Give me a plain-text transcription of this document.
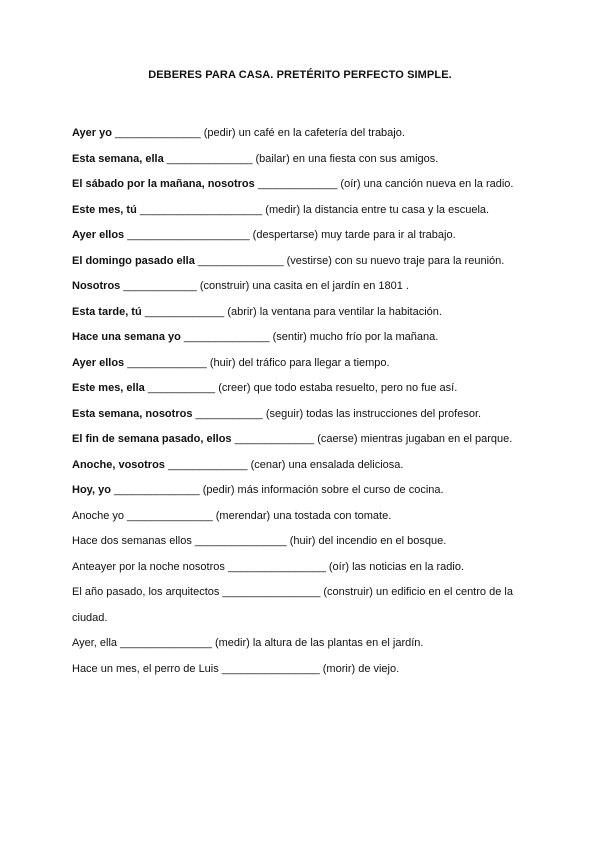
DEBERES PARA CASA. PRETÉRITO PERFECTO SIMPLE.
Ayer yo ______________ (pedir) un café en la cafetería del trabajo.
Esta semana, ella ______________ (bailar) en una fiesta con sus amigos.
El sábado por la mañana, nosotros _____________ (oír) una canción nueva en la radio.
Este mes, tú ____________________ (medir) la distancia entre tu casa y la escuela.
Ayer ellos ____________________ (despertarse) muy tarde para ir al trabajo.
El domingo pasado ella ______________ (vestirse) con su nuevo traje para la reunión.
Nosotros ____________ (construir) una casita en el jardín en 1801 .
Esta tarde, tú _____________ (abrir) la ventana para ventilar la habitación.
Hace una semana yo ______________ (sentir) mucho frío por la mañana.
Ayer ellos _____________ (huir) del tráfico para llegar a tiempo.
Este mes, ella ___________ (creer) que todo estaba resuelto, pero no fue así.
Esta semana, nosotros ___________ (seguir) todas las instrucciones del profesor.
El fin de semana pasado, ellos _____________ (caerse) mientras jugaban en el parque.
Anoche, vosotros _____________ (cenar) una ensalada deliciosa.
Hoy, yo ______________ (pedir) más información sobre el curso de cocina.
Anoche yo ______________ (merendar) una tostada con tomate.
Hace dos semanas ellos _______________ (huir) del incendio en el bosque.
Anteayer por la noche nosotros ________________ (oír) las noticias en la radio.
El año pasado, los arquitectos ________________ (construir) un edificio en el centro de la ciudad.
Ayer, ella _______________ (medir) la altura de las plantas en el jardín.
Hace un mes, el perro de Luis ________________ (morir) de viejo.
